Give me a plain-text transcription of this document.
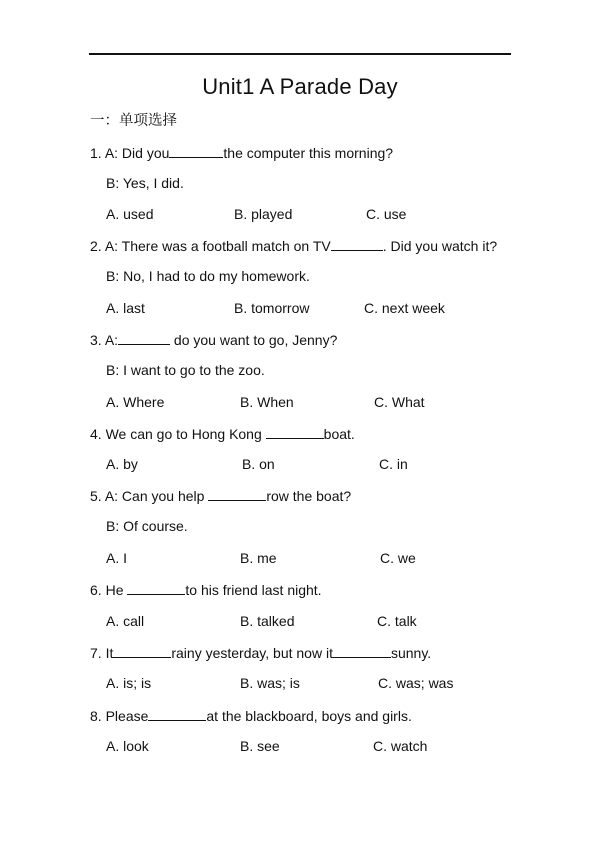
Unit1 A Parade Day
一：单项选择
1. A: Did you	the computer this morning?
B: Yes, I did.
A. used	B. played	C. use
2. A: There was a football match on TV	. Did you watch it?
B: No, I had to do my homework.
A. last	B. tomorrow	C. next week
3. A:	do you want to go, Jenny?
B: I want to go to the zoo.
A. Where	B. When	C. What
4. We can go to Hong Kong	boat.
A. by	B. on	C. in
5. A: Can you help	row the boat?
B: Of course.
A. I	B. me	C. we
6. He	to his friend last night.
A. call	B. talked	C. talk
7. It	rainy yesterday, but now it	sunny.
A. is; is	B. was; is	C. was; was
8. Please	at the blackboard, boys and girls.
A. look	B. see	C. watch
